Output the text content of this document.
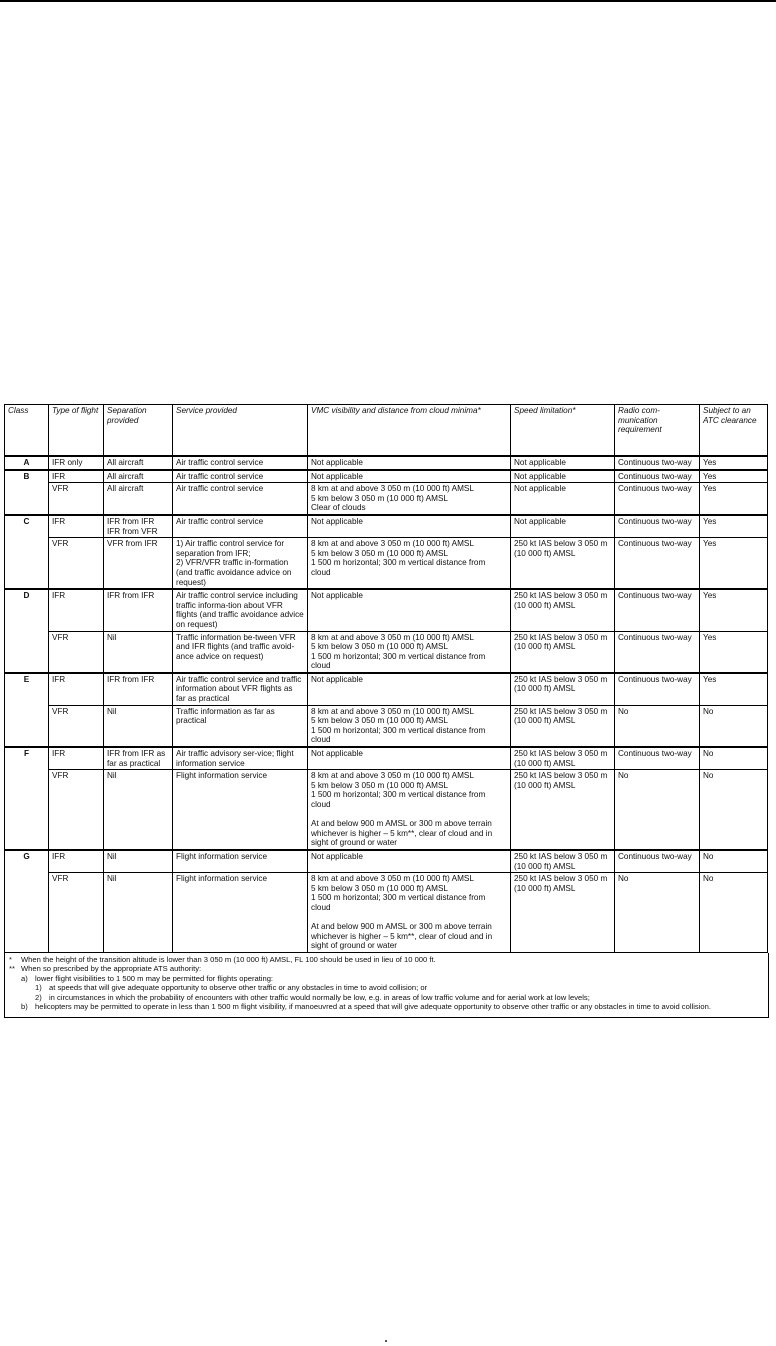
Class	Type of flight	Separation provided	Service provided	VMC visibility and distance from cloud minima*	Speed limitation*	Radio com-munication requirement	Subject to an ATC clearance
A	IFR only	All aircraft	Air traffic control service	Not applicable	Not applicable	Continuous two-way	Yes
B	IFR	All aircraft	Air traffic control service	Not applicable	Not applicable	Continuous two-way	Yes
	VFR	All aircraft	Air traffic control service	8 km at and above 3 050 m (10 000 ft) AMSL
5 km below 3 050 m (10 000 ft) AMSL
Clear of clouds	Not applicable	Continuous two-way	Yes
C	IFR	IFR from IFR
IFR from VFR	Air traffic control service	Not applicable	Not applicable	Continuous two-way	Yes
	VFR	VFR from IFR	1) Air traffic control service for separation from IFR;
2) VFR/VFR traffic in-formation (and traffic avoidance advice on request)	8 km at and above 3 050 m (10 000 ft) AMSL
5 km below 3 050 m (10 000 ft) AMSL
1 500 m horizontal; 300 m vertical distance from cloud	250 kt IAS below 3 050 m (10 000 ft) AMSL	Continuous two-way	Yes
D	IFR	IFR from IFR	Air traffic control service including traffic informa-tion about VFR flights (and traffic avoidance advice on request)	Not applicable	250 kt IAS below 3 050 m (10 000 ft) AMSL	Continuous two-way	Yes
	VFR	Nil	Traffic information be-tween VFR and IFR flights (and traffic avoid-ance advice on request)	8 km at and above 3 050 m (10 000 ft) AMSL
5 km below 3 050 m (10 000 ft) AMSL
1 500 m horizontal; 300 m vertical distance from cloud	250 kt IAS below 3 050 m (10 000 ft) AMSL	Continuous two-way	Yes
E	IFR	IFR from IFR	Air traffic control service and traffic information about VFR flights as far as practical	Not applicable	250 kt IAS below 3 050 m (10 000 ft) AMSL	Continuous two-way	Yes
	VFR	Nil	Traffic information as far as practical	8 km at and above 3 050 m (10 000 ft) AMSL
5 km below 3 050 m (10 000 ft) AMSL
1 500 m horizontal; 300 m vertical distance from cloud	250 kt IAS below 3 050 m (10 000 ft) AMSL	No	No
F	IFR	IFR from IFR as far as practical	Air traffic advisory ser-vice; flight information service	Not applicable	250 kt IAS below 3 050 m (10 000 ft) AMSL	Continuous two-way	No
	VFR	Nil	Flight information service	8 km at and above 3 050 m (10 000 ft) AMSL
5 km below 3 050 m (10 000 ft) AMSL
1 500 m horizontal; 300 m vertical distance from cloud

At and below 900 m AMSL or 300 m above terrain whichever is higher – 5 km**, clear of cloud and in sight of ground or water	250 kt IAS below 3 050 m (10 000 ft) AMSL	No	No
G	IFR	Nil	Flight information service	Not applicable	250 kt IAS below 3 050 m (10 000 ft) AMSL	Continuous two-way	No
	VFR	Nil	Flight information service	8 km at and above 3 050 m (10 000 ft) AMSL
5 km below 3 050 m (10 000 ft) AMSL
1 500 m horizontal; 300 m vertical distance from cloud

At and below 900 m AMSL or 300 m above terrain whichever is higher – 5 km**, clear of cloud and in sight of ground or water	250 kt IAS below 3 050 m (10 000 ft) AMSL	No	No
*	When the height of the transition altitude is lower than 3 050 m (10 000 ft) AMSL, FL 100 should be used in lieu of 10 000 ft.
** When so prescribed by the appropriate ATS authority:
a) lower flight visibilities to 1 500 m may be permitted for flights operating:
1) at speeds that will give adequate opportunity to observe other traffic or any obstacles in time to avoid collision; or
2) in circumstances in which the probability of encounters with other traffic would normally be low, e.g. in areas of low traffic volume and for aerial work at low levels;
b) helicopters may be permitted to operate in less than 1 500 m flight visibility, if manoeuvred at a speed that will give adequate opportunity to observe other traffic or any obstacles in time to avoid collision.
